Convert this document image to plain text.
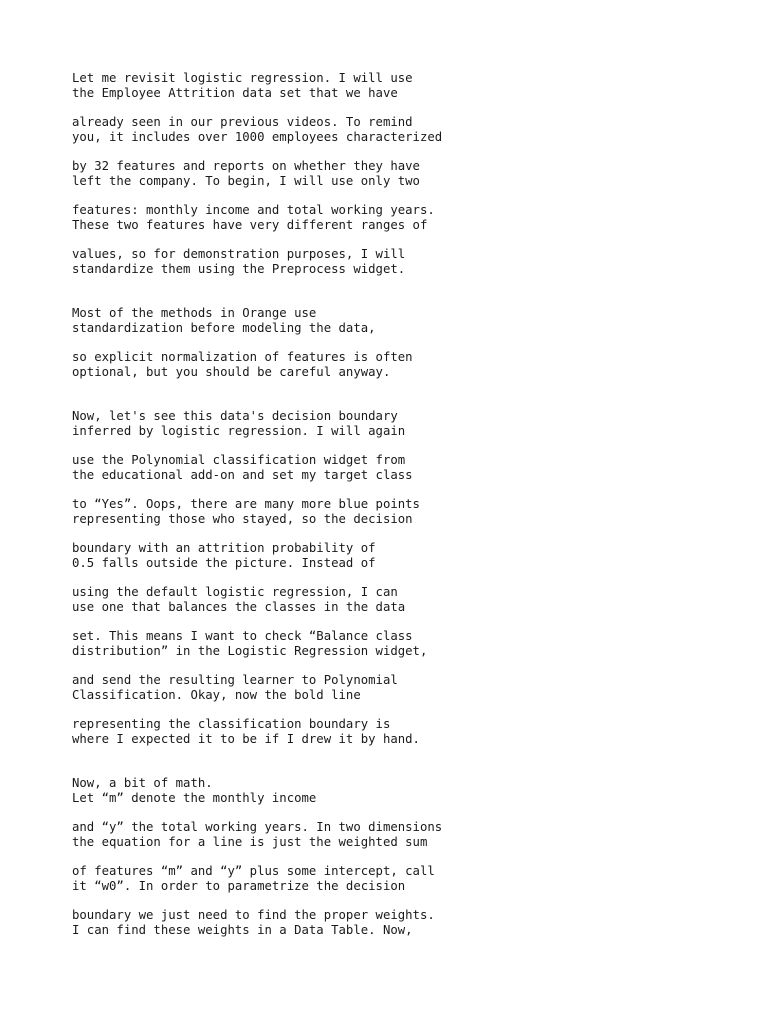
Let me revisit logistic regression. I will use
the Employee Attrition data set that we have
already seen in our previous videos. To remind
you, it includes over 1000 employees characterized
by 32 features and reports on whether they have
left the company. To begin, I will use only two
features: monthly income and total working years.
These two features have very different ranges of
values, so for demonstration purposes, I will
standardize them using the Preprocess widget.
Most of the methods in Orange use
standardization before modeling the data,
so explicit normalization of features is often
optional, but you should be careful anyway.
Now, let's see this data's decision boundary
inferred by logistic regression. I will again
use the Polynomial classification widget from
the educational add-on and set my target class
to “Yes”. Oops, there are many more blue points
representing those who stayed, so the decision
boundary with an attrition probability of
0.5 falls outside the picture. Instead of
using the default logistic regression, I can
use one that balances the classes in the data
set. This means I want to check “Balance class
distribution” in the Logistic Regression widget,
and send the resulting learner to Polynomial
Classification. Okay, now the bold line
representing the classification boundary is
where I expected it to be if I drew it by hand.
Now, a bit of math.
Let “m” denote the monthly income
and “y” the total working years. In two dimensions
the equation for a line is just the weighted sum
of features “m” and “y” plus some intercept, call
it “w0”. In order to parametrize the decision
boundary we just need to find the proper weights.
I can find these weights in a Data Table. Now,
